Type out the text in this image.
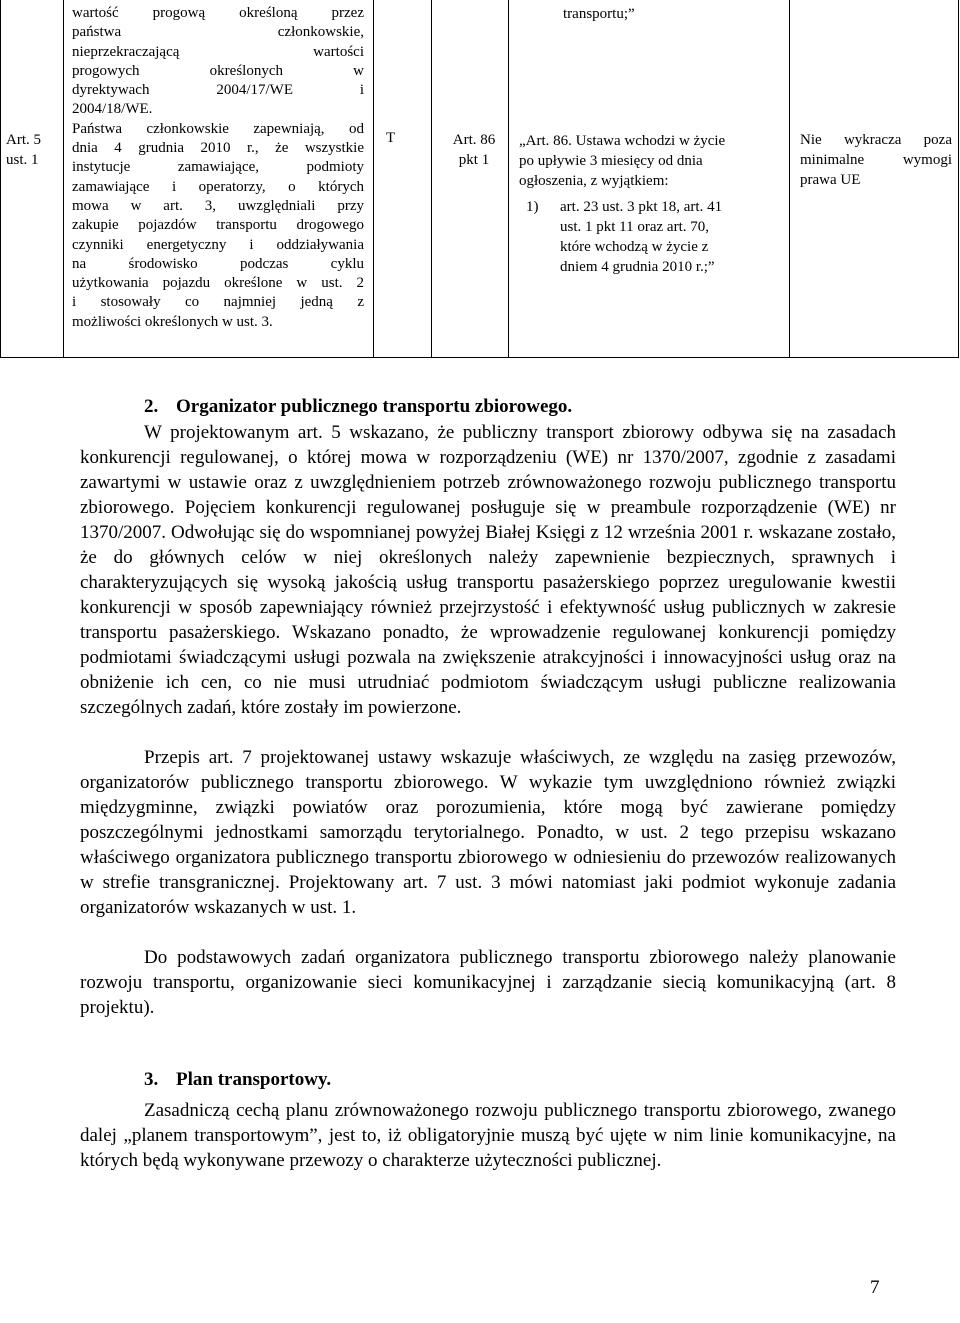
Art. 5

ust. 1

wartość progową określoną przez

państwa członkowskie,

nieprzekraczającą wartości

progowych określonych w

dyrektywach 2004/17/WE i

2004/18/WE.

Państwa członkowskie zapewniają, od

dnia 4 grudnia 2010 r., że wszystkie

instytucje zamawiające, podmioty

zamawiające i operatorzy, o których

mowa w art. 3, uwzględniali przy

zakupie pojazdów transportu drogowego

czynniki energetyczny i oddziaływania

na środowisko podczas cyklu

użytkowania pojazdu określone w ust. 2

i stosowały co najmniej jedną z

możliwości określonych w ust. 3.

T	Art. 86

pkt 1

transportu;”

„Art. 86. Ustawa wchodzi w życie

po upływie 3 miesięcy od dnia

ogłoszenia, z wyjątkiem:

1)	art. 23 ust. 3 pkt 18, art. 41

ust. 1 pkt 11 oraz art. 70,

które wchodzą w życie z

dniem 4 grudnia 2010 r.;”

Nie wykracza poza

minimalne wymogi

prawa UE

2. Organizator publicznego transportu zbiorowego.

W projektowanym art. 5 wskazano, że publiczny transport zbiorowy odbywa się na zasadach konkurencji regulowanej, o której mowa w rozporządzeniu (WE) nr 1370/2007, zgodnie z zasadami zawartymi w ustawie oraz z uwzględnieniem potrzeb zrównoważonego rozwoju publicznego transportu zbiorowego. Pojęciem konkurencji regulowanej posługuje się w preambule rozporządzenie (WE) nr 1370/2007. Odwołując się do wspomnianej powyżej Białej Księgi z 12 września 2001 r. wskazane zostało, że do głównych celów w niej określonych należy zapewnienie bezpiecznych, sprawnych i charakteryzujących się wysoką jakością usług transportu pasażerskiego poprzez uregulowanie kwestii konkurencji w sposób zapewniający również przejrzystość i efektywność usług publicznych w zakresie transportu pasażerskiego. Wskazano ponadto, że wprowadzenie regulowanej konkurencji pomiędzy podmiotami świadczącymi usługi pozwala na zwiększenie atrakcyjności i innowacyjności usług oraz na obniżenie ich cen, co nie musi utrudniać podmiotom świadczącym usługi publiczne realizowania szczególnych zadań, które zostały im powierzone.

Przepis art. 7 projektowanej ustawy wskazuje właściwych, ze względu na zasięg przewozów, organizatorów publicznego transportu zbiorowego. W wykazie tym uwzględniono również związki międzygminne, związki powiatów oraz porozumienia, które mogą być zawierane pomiędzy poszczególnymi jednostkami samorządu terytorialnego. Ponadto, w ust. 2 tego przepisu wskazano właściwego organizatora publicznego transportu zbiorowego w odniesieniu do przewozów realizowanych w strefie transgranicznej. Projektowany art. 7 ust. 3 mówi natomiast jaki podmiot wykonuje zadania organizatorów wskazanych w ust. 1.

Do podstawowych zadań organizatora publicznego transportu zbiorowego należy planowanie rozwoju transportu, organizowanie sieci komunikacyjnej i zarządzanie siecią komunikacyjną (art. 8 projektu).

3. Plan transportowy.

Zasadniczą cechą planu zrównoważonego rozwoju publicznego transportu zbiorowego, zwanego dalej „planem transportowym”, jest to, iż obligatoryjnie muszą być ujęte w nim linie komunikacyjne, na których będą wykonywane przewozy o charakterze użyteczności publicznej.

7
